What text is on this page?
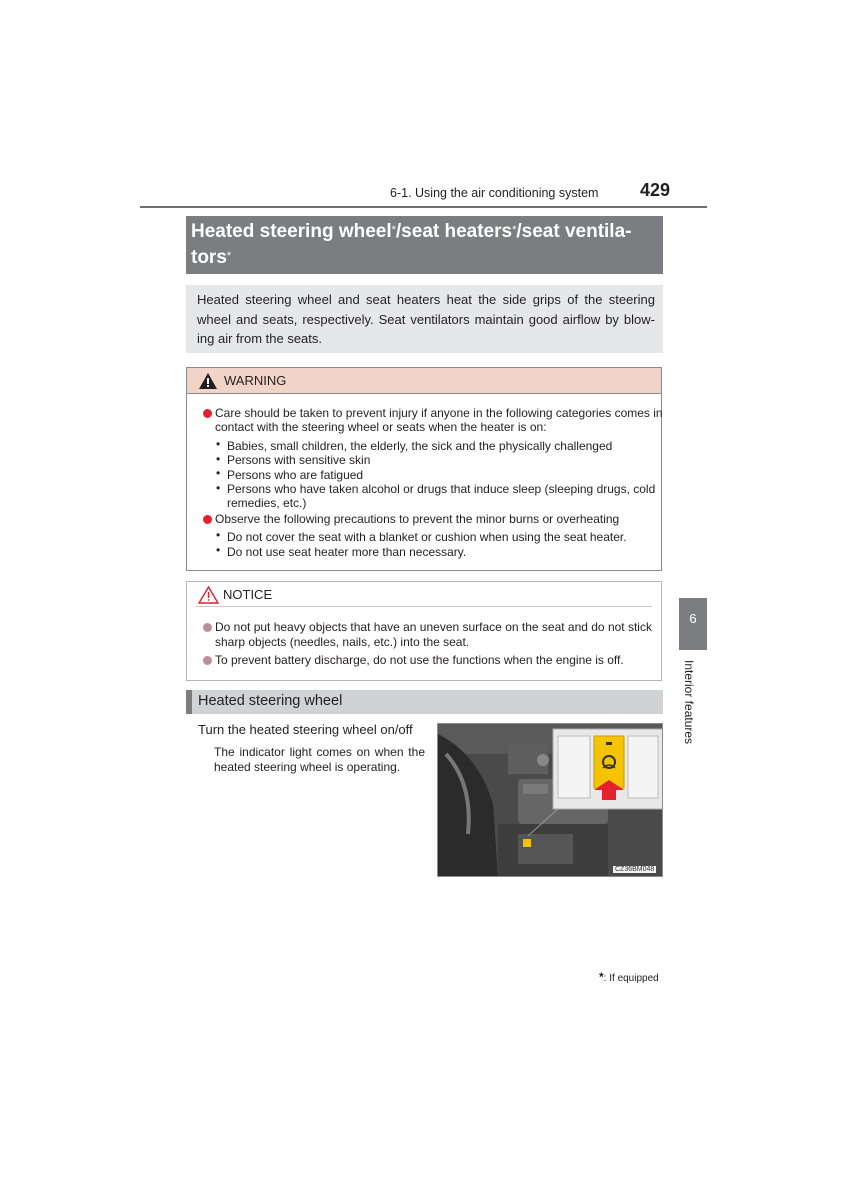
6-1. Using the air conditioning system 429
Heated steering wheel*/seat heaters*/seat ventila-
tors*
Heated steering wheel and seat heaters heat the side grips of the steering wheel and seats, respectively. Seat ventilators maintain good airflow by blow-ing air from the seats.
WARNING
Care should be taken to prevent injury if anyone in the following categories comes in
contact with the steering wheel or seats when the heater is on:
• Babies, small children, the elderly, the sick and the physically challenged
• Persons with sensitive skin
• Persons who are fatigued
• Persons who have taken alcohol or drugs that induce sleep (sleeping drugs, cold
remedies, etc.)
Observe the following precautions to prevent the minor burns or overheating
• Do not cover the seat with a blanket or cushion when using the seat heater.
• Do not use seat heater more than necessary.
NOTICE
Do not put heavy objects that have an uneven surface on the seat and do not stick
sharp objects (needles, nails, etc.) into the seat.
To prevent battery discharge, do not use the functions when the engine is off.
Heated steering wheel
Turn the heated steering wheel on/off
The indicator light comes on when the heated steering wheel is operating.
CZ36BM048
6
Interior features
*: If equipped
